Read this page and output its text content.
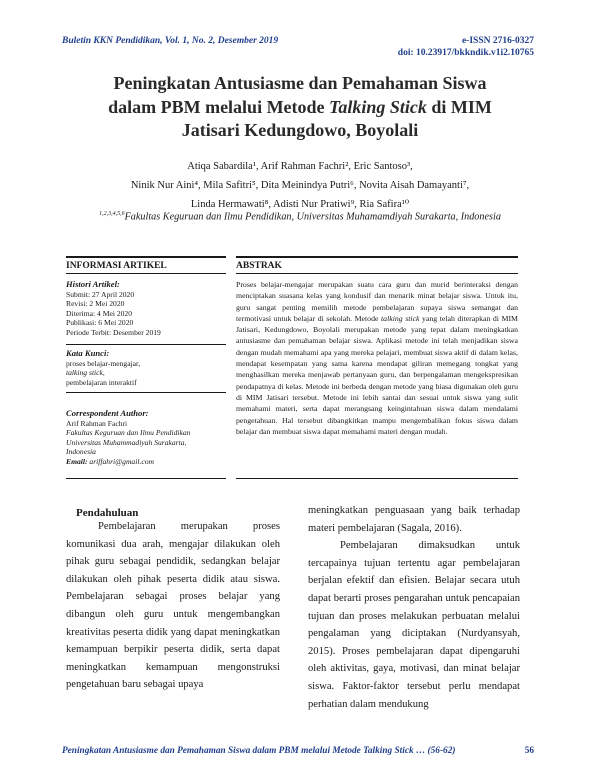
Buletin KKN Pendidikan, Vol. 1, No. 2, Desember 2019	e-ISSN 2716-0327
doi: 10.23917/bkkndik.v1i2.10765
Peningkatan Antusiasme dan Pemahaman Siswa
dalam PBM melalui Metode Talking Stick di MIM
Jatisari Kedungdowo, Boyolali
Atiqa Sabardila¹, Arif Rahman Fachri², Eric Santoso³,
Ninik Nur Aini⁴, Mila Safitri⁵, Dita Meinindya Putri⁶, Novita Aisah Damayanti⁷,
Linda Hermawati⁸, Adisti Nur Pratiwi⁹, Ria Safira¹⁰
$^{1,2,3,4,5,6}$Fakultas Keguruan dan Ilmu Pendidikan, Universitas Muhamamdiyah Surakarta, Indonesia
INFORMASI ARTIKEL	ABSTRAK
Histori Artikel:
Submit: 27 April 2020
Revisi: 2 Mei 2020
Diterima: 4 Mei 2020
Publikasi: 6 Mei 2020
Periode Terbit: Desember 2019
Kata Kunci:
proses belajar-mengajar,
talking stick,
pembelajaran interaktif
Correspondent Author:
Arif Rahman Fachri
Fakultas Keguruan dan Ilmu Pendidikan
Universitas Muhammadiyah Surakarta,
Indonesia
Email: ariffahri@gmail.com
Proses belajar-mengajar merupakan suatu cara guru dan murid berinteraksi dengan menciptakan suasana kelas yang kondusif dan menarik minat belajar siswa. Untuk itu, guru sangat penting memilih metode pembelajaran supaya siswa semangat dan termotivasi untuk belajar di sekolah. Metode talking stick yang telah diterapkan di MIM Jatisari, Kedungdowo, Boyolali merupakan metode yang tepat dalam meningkatkan antusiasme dan pemahaman belajar siswa. Aplikasi metode ini telah menjadikan siswa dengan mudah memahami apa yang mereka pelajari, membuat siswa aktif di dalam kelas, mendapat kesempatan yang sama karena mendapat giliran memegang tongkat yang menghasilkan mereka menjawab pertanyaan guru, dan berpengalaman mengekspresikan pendapatnya di kelas. Metode ini berbeda dengan metode yang biasa digunakan oleh guru di MIM Jatisari tersebut. Metode ini lebih santai dan sesuai untuk siswa yang sulit memahami materi, serta dapat merangsang keingintahuan siswa dalam mendalami pengetahuan. Hal tersebut dibangkitkan mampu mengembalikan fokus siswa dalam belajar dan membuat siswa dapat memahami materi dengan mudah.
Pendahuluan

Pembelajaran merupakan proses komunikasi dua arah, mengajar dilakukan oleh pihak guru sebagai pendidik, sedangkan belajar dilakukan oleh pihak peserta didik atau siswa. Pembelajaran sebagai proses belajar yang dibangun oleh guru untuk mengembangkan kreativitas peserta didik yang dapat meningkatkan kemampuan berpikir peserta didik, serta dapat meningkatkan kemampuan mengonstruksi pengetahuan baru sebagai upaya

meningkatkan penguasaan yang baik terhadap materi pembelajaran (Sagala, 2016).

Pembelajaran dimaksudkan untuk tercapainya tujuan tertentu agar pembelajaran berjalan efektif dan efisien. Belajar secara utuh dapat berarti proses pengarahan untuk pencapaian tujuan dan proses melakukan perbuatan melalui pengalaman yang diciptakan (Nurdyansyah, 2015). Proses pembelajaran dapat dipengaruhi oleh aktivitas, gaya, motivasi, dan minat belajar siswa. Faktor-faktor tersebut perlu mendapat perhatian dalam mendukung

Peningkatan Antusiasme dan Pemahaman Siswa dalam PBM melalui Metode Talking Stick … (56-62)	56
